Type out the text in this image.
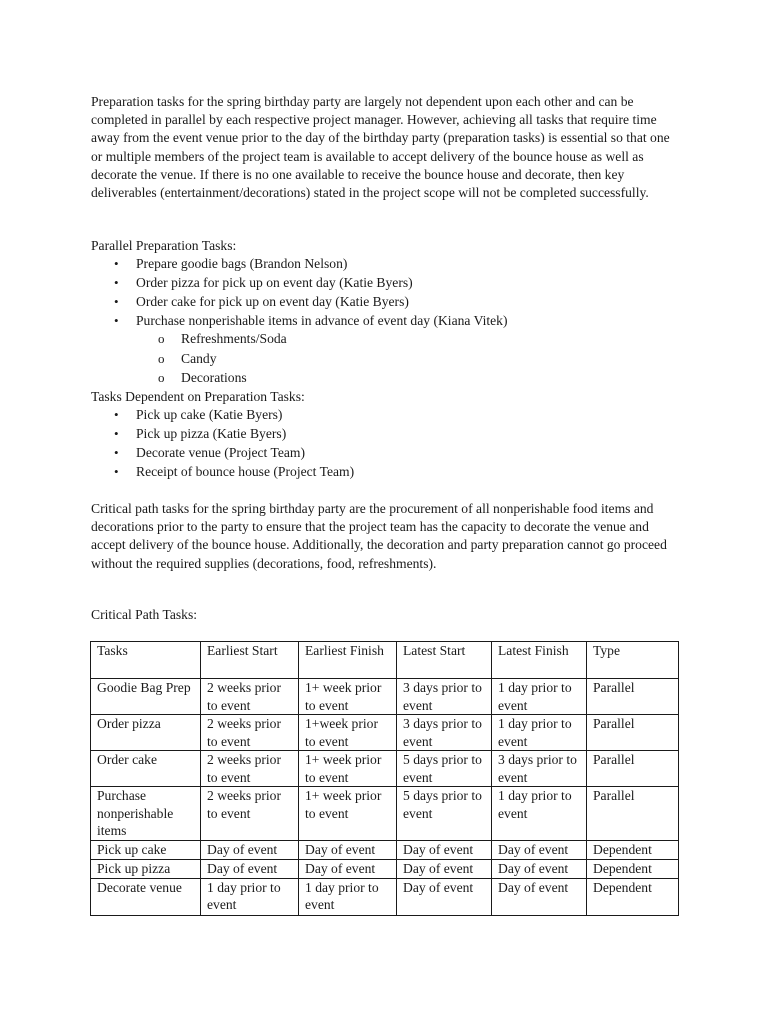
Preparation tasks for the spring birthday party are largely not dependent upon each other and can be completed in parallel by each respective project manager. However, achieving all tasks that require time away from the event venue prior to the day of the birthday party (preparation tasks) is essential so that one or multiple members of the project team is available to accept delivery of the bounce house as well as decorate the venue. If there is no one available to receive the bounce house and decorate, then key deliverables (entertainment/decorations) stated in the project scope will not be completed successfully.

Parallel Preparation Tasks:

• Prepare goodie bags (Brandon Nelson)
• Order pizza for pick up on event day (Katie Byers)
• Order cake for pick up on event day (Katie Byers)
• Purchase nonperishable items in advance of event day (Kiana Vitek)
o Refreshments/Soda
o Candy
o Decorations

Tasks Dependent on Preparation Tasks:

• Pick up cake (Katie Byers)
• Pick up pizza (Katie Byers)
• Decorate venue (Project Team)
• Receipt of bounce house (Project Team)

Critical path tasks for the spring birthday party are the procurement of all nonperishable food items and decorations prior to the party to ensure that the project team has the capacity to decorate the venue and accept delivery of the bounce house. Additionally, the decoration and party preparation cannot go proceed without the required supplies (decorations, food, refreshments).

Critical Path Tasks:

Tasks	Earliest Start	Earliest Finish	Latest Start	Latest Finish	Type
Goodie Bag Prep	2 weeks prior to event	1+ week prior to event	3 days prior to event	1 day prior to event	Parallel
Order pizza	2 weeks prior to event	1+week prior to event	3 days prior to event	1 day prior to event	Parallel
Order cake	2 weeks prior to event	1+ week prior to event	5 days prior to event	3 days prior to event	Parallel
Purchase nonperishable items	2 weeks prior to event	1+ week prior to event	5 days prior to event	1 day prior to event	Parallel
Pick up cake	Day of event	Day of event	Day of event	Day of event	Dependent
Pick up pizza	Day of event	Day of event	Day of event	Day of event	Dependent
Decorate venue	1 day prior to event	1 day prior to event	Day of event	Day of event	Dependent
